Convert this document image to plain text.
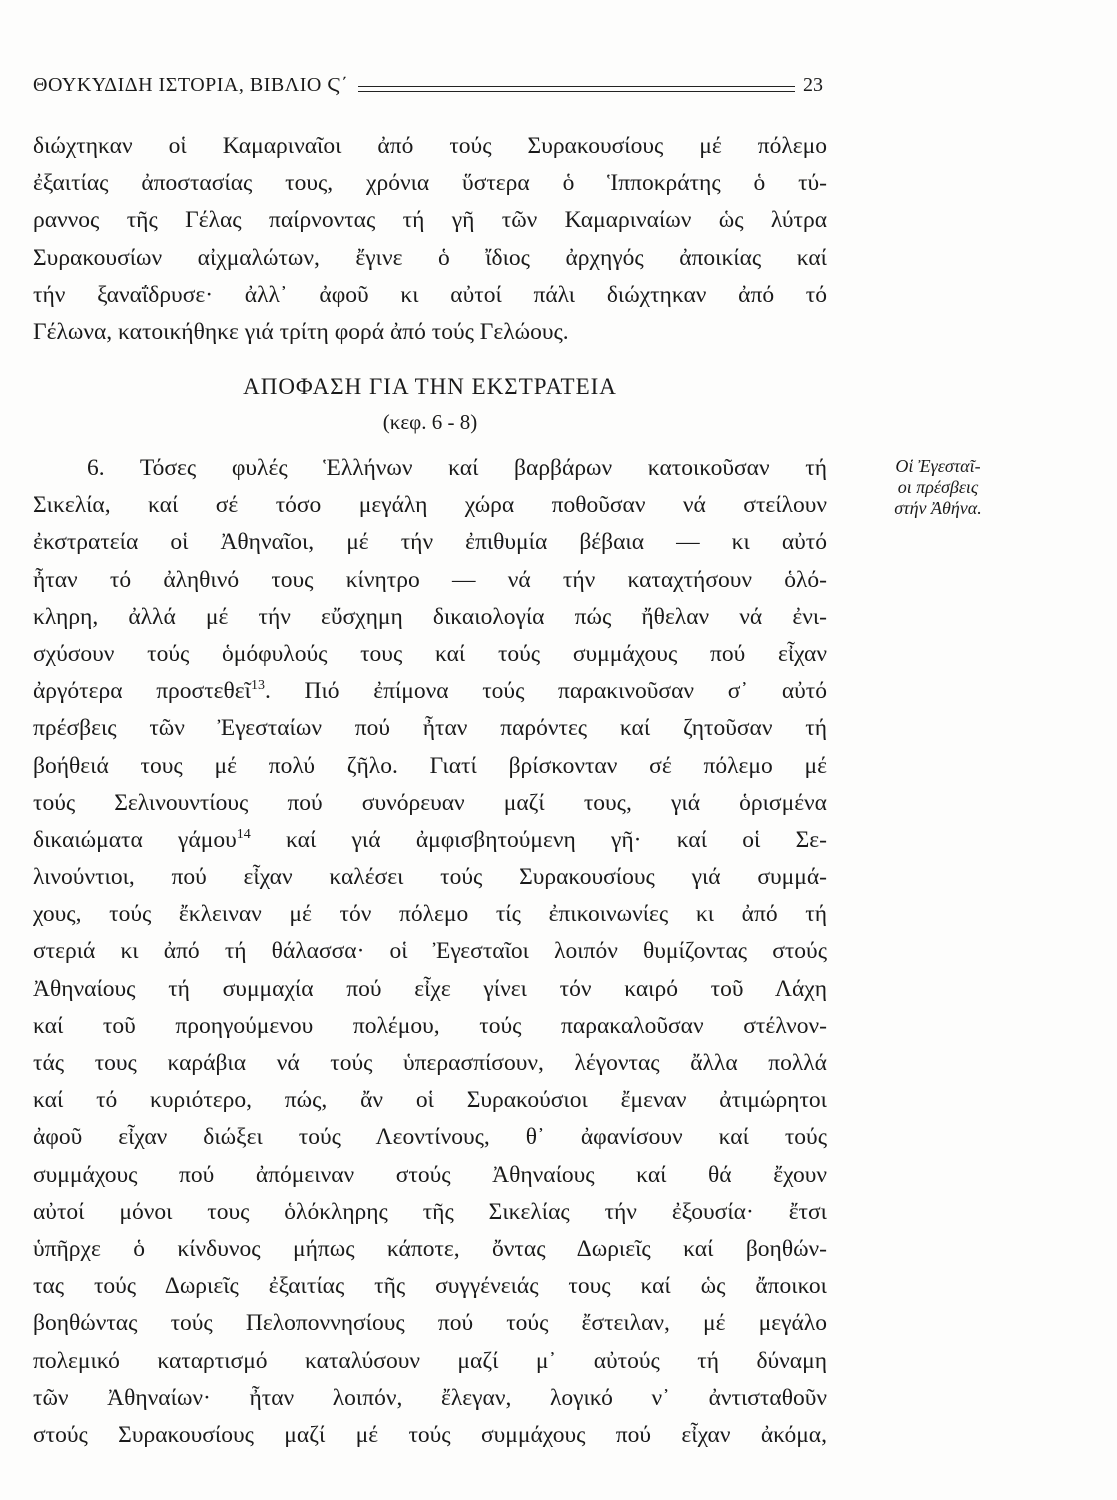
ΘΟΥΚΥΔΙΔΗ ΙΣΤΟΡΙΑ, ΒΙΒΛΙΟ Ϛ΄	23
διώχτηκαν οἱ Καμαριναῖοι ἀπό τούς Συρακουσίους μέ πόλεμο
ἐξαιτίας ἀποστασίας τους, χρόνια ὕστερα ὁ Ἱπποκράτης ὁ τύ-
ραννος τῆς Γέλας παίρνοντας τή γῆ τῶν Καμαριναίων ὡς λύτρα
Συρακουσίων αἰχμαλώτων, ἔγινε ὁ ἴδιος ἀρχηγός ἀποικίας καί
τήν ξαναΐδρυσε· ἀλλ᾽ ἀφοῦ κι αὐτοί πάλι διώχτηκαν ἀπό τό
Γέλωνα, κατοικήθηκε γιά τρίτη φορά ἀπό τούς Γελώους.
ΑΠΟΦΑΣΗ ΓΙΑ ΤΗΝ ΕΚΣΤΡΑΤΕΙΑ
(κεφ. 6 - 8)
Οἱ Ἐγεσταῖ-
οι πρέσβεις
στήν Ἀθήνα.
6. Τόσες φυλές Ἑλλήνων καί βαρβάρων κατοικοῦσαν τή
Σικελία, καί σέ τόσο μεγάλη χώρα ποθοῦσαν νά στείλουν
ἐκστρατεία οἱ Ἀθηναῖοι, μέ τήν ἐπιθυμία βέβαια — κι αὐτό
ἦταν τό ἀληθινό τους κίνητρο — νά τήν καταχτήσουν ὁλό-
κληρη, ἀλλά μέ τήν εὔσχημη δικαιολογία πώς ἤθελαν νά ἐνι-
σχύσουν τούς ὁμόφυλούς τους καί τούς συμμάχους πού εἶχαν
ἀργότερα προστεθεῖ$^{13}$. Πιό ἐπίμονα τούς παρακινοῦσαν σ᾽ αὐτό
πρέσβεις τῶν Ἐγεσταίων πού ἦταν παρόντες καί ζητοῦσαν τή
βοήθειά τους μέ πολύ ζῆλο. Γιατί βρίσκονταν σέ πόλεμο μέ
τούς Σελινουντίους πού συνόρευαν μαζί τους, γιά ὁρισμένα
δικαιώματα γάμου$^{14}$ καί γιά ἀμφισβητούμενη γῆ· καί οἱ Σε-
λινούντιοι, πού εἶχαν καλέσει τούς Συρακουσίους γιά συμμά-
χους, τούς ἔκλειναν μέ τόν πόλεμο τίς ἐπικοινωνίες κι ἀπό τή
στεριά κι ἀπό τή θάλασσα· οἱ Ἐγεσταῖοι λοιπόν θυμίζοντας στούς
Ἀθηναίους τή συμμαχία πού εἶχε γίνει τόν καιρό τοῦ Λάχη
καί τοῦ προηγούμενου πολέμου, τούς παρακαλοῦσαν στέλνον-
τάς τους καράβια νά τούς ὑπερασπίσουν, λέγοντας ἄλλα πολλά
καί τό κυριότερο, πώς, ἄν οἱ Συρακούσιοι ἔμεναν ἀτιμώρητοι
ἀφοῦ εἶχαν διώξει τούς Λεοντίνους, θ᾽ ἀφανίσουν καί τούς
συμμάχους πού ἀπόμειναν στούς Ἀθηναίους καί θά ἔχουν
αὐτοί μόνοι τους ὁλόκληρης τῆς Σικελίας τήν ἐξουσία· ἔτσι
ὑπῆρχε ὁ κίνδυνος μήπως κάποτε, ὄντας Δωριεῖς καί βοηθών-
τας τούς Δωριεῖς ἐξαιτίας τῆς συγγένειάς τους καί ὡς ἄποικοι
βοηθώντας τούς Πελοποννησίους πού τούς ἔστειλαν, μέ μεγάλο
πολεμικό καταρτισμό καταλύσουν μαζί μ᾽ αὐτούς τή δύναμη
τῶν Ἀθηναίων· ἦταν λοιπόν, ἔλεγαν, λογικό ν᾽ ἀντισταθοῦν
στούς Συρακουσίους μαζί μέ τούς συμμάχους πού εἶχαν ἀκόμα,
